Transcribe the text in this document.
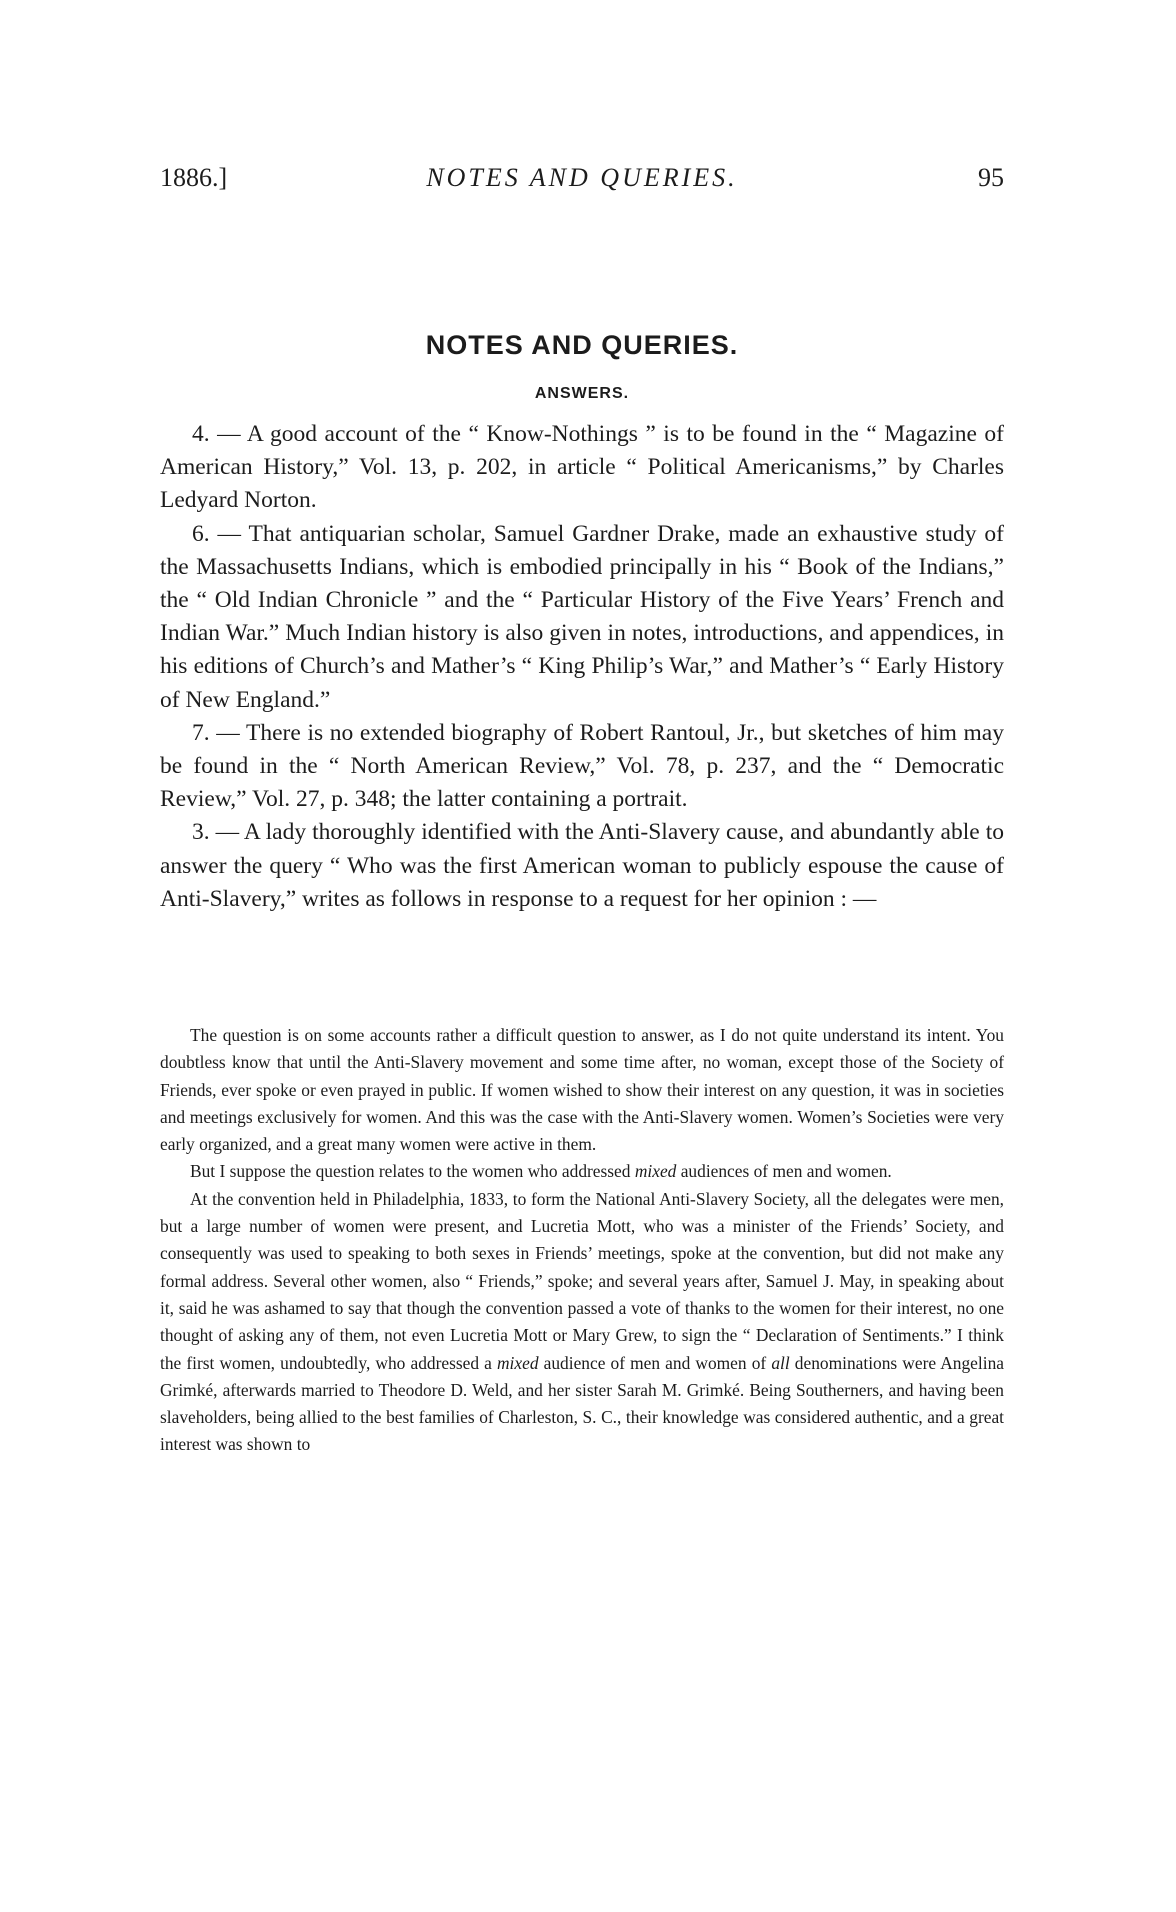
1886.]	NOTES AND QUERIES.	95
NOTES AND QUERIES.
ANSWERS.

4. — A good account of the “ Know-Nothings ” is to be found in the “ Magazine of American History,” Vol. 13, p. 202, in article “ Political Americanisms,” by Charles Ledyard Norton.

6. — That antiquarian scholar, Samuel Gardner Drake, made an exhaustive study of the Massachusetts Indians, which is embodied principally in his “ Book of the Indians,” the “ Old Indian Chronicle ” and the “ Particular History of the Five Years’ French and Indian War.” Much Indian history is also given in notes, introductions, and appendices, in his editions of Church’s and Mather’s “ King Philip’s War,” and Mather’s “ Early History of New England.”

7. — There is no extended biography of Robert Rantoul, Jr., but sketches of him may be found in the “ North American Review,” Vol. 78, p. 237, and the “ Democratic Review,” Vol. 27, p. 348; the latter containing a portrait.

3. — A lady thoroughly identified with the Anti-Slavery cause, and abundantly able to answer the query “ Who was the first American woman to publicly espouse the cause of Anti-Slavery,” writes as follows in response to a request for her opinion : —

The question is on some accounts rather a difficult question to answer, as I do not quite understand its intent. You doubtless know that until the Anti-Slavery movement and some time after, no woman, except those of the Society of Friends, ever spoke or even prayed in public. If women wished to show their interest on any question, it was in societies and meetings exclusively for women. And this was the case with the Anti-Slavery women. Women’s Societies were very early organized, and a great many women were active in them.

But I suppose the question relates to the women who addressed mixed audiences of men and women.

At the convention held in Philadelphia, 1833, to form the National Anti-Slavery Society, all the delegates were men, but a large number of women were present, and Lucretia Mott, who was a minister of the Friends’ Society, and consequently was used to speaking to both sexes in Friends’ meetings, spoke at the convention, but did not make any formal address. Several other women, also “ Friends,” spoke; and several years after, Samuel J. May, in speaking about it, said he was ashamed to say that though the convention passed a vote of thanks to the women for their interest, no one thought of asking any of them, not even Lucretia Mott or Mary Grew, to sign the “ Declaration of Sentiments.” I think the first women, undoubtedly, who addressed a mixed audience of men and women of all denominations were Angelina Grimké, afterwards married to Theodore D. Weld, and her sister Sarah M. Grimké. Being Southerners, and having been slaveholders, being allied to the best families of Charleston, S. C., their knowledge was considered authentic, and a great interest was shown to
